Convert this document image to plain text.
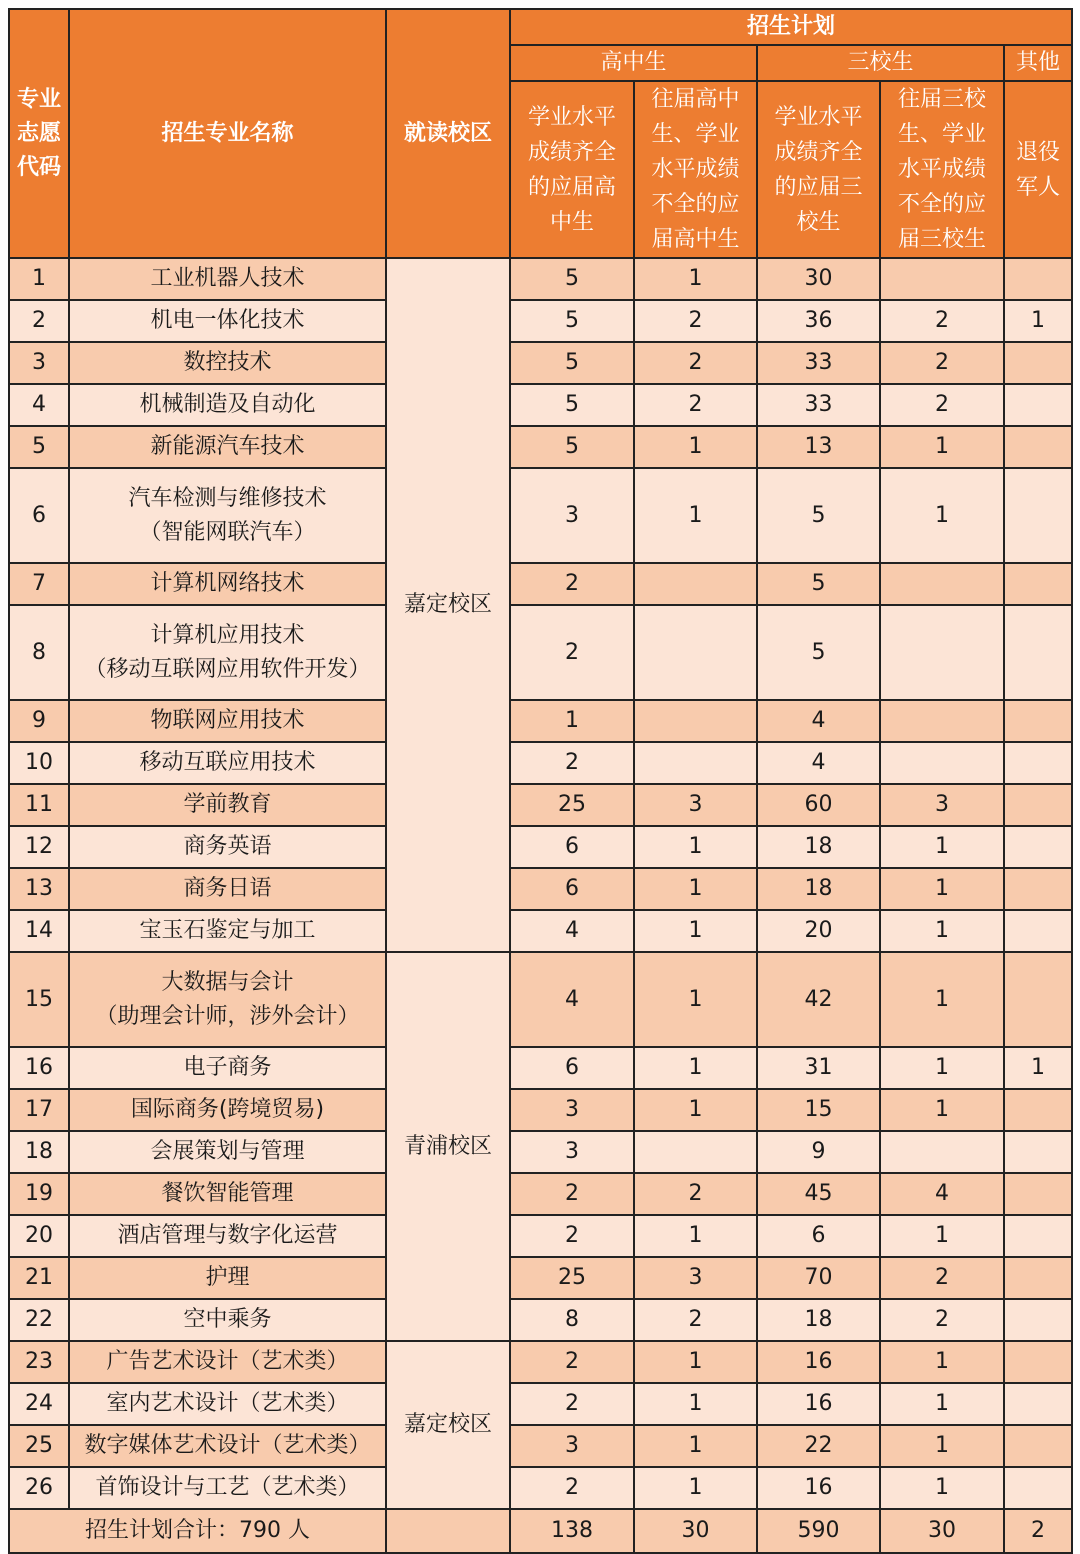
专业
志愿
代码	招生专业名称	就读校区	招生计划				
			高中生		三校生		其他
			学业水平
成绩齐全
的应届高
中生	往届高中
生、学业
水平成绩
不全的应
届高中生	学业水平
成绩齐全
的应届三
校生	往届三校
生、学业
水平成绩
不全的应
届三校生	退役
军人
1	工业机器人技术	嘉定校区	5	1	30		
2	机电一体化技术		5	2	36	2	1
3	数控技术		5	2	33	2	
4	机械制造及自动化		5	2	33	2	
5	新能源汽车技术		5	1	13	1	
6	汽车检测与维修技术
（智能网联汽车）		3	1	5	1	
7	计算机网络技术		2		5		
8	计算机应用技术
（移动互联网应用软件开发）		2		5		
9	物联网应用技术		1		4		
10	移动互联应用技术		2		4		
11	学前教育		25	3	60	3	
12	商务英语		6	1	18	1	
13	商务日语		6	1	18	1	
14	宝玉石鉴定与加工		4	1	20	1	
15	大数据与会计
（助理会计师，涉外会计）	青浦校区	4	1	42	1	
16	电子商务		6	1	31	1	1
17	国际商务(跨境贸易)		3	1	15	1	
18	会展策划与管理		3		9		
19	餐饮智能管理		2	2	45	4	
20	酒店管理与数字化运营		2	1	6	1	
21	护理		25	3	70	2	
22	空中乘务		8	2	18	2	
23	广告艺术设计（艺术类）	嘉定校区	2	1	16	1	
24	室内艺术设计（艺术类）		2	1	16	1	
25	数字媒体艺术设计（艺术类）		3	1	22	1	
26	首饰设计与工艺（艺术类）		2	1	16	1	
招生计划合计：790 人			138	30	590	30	2
